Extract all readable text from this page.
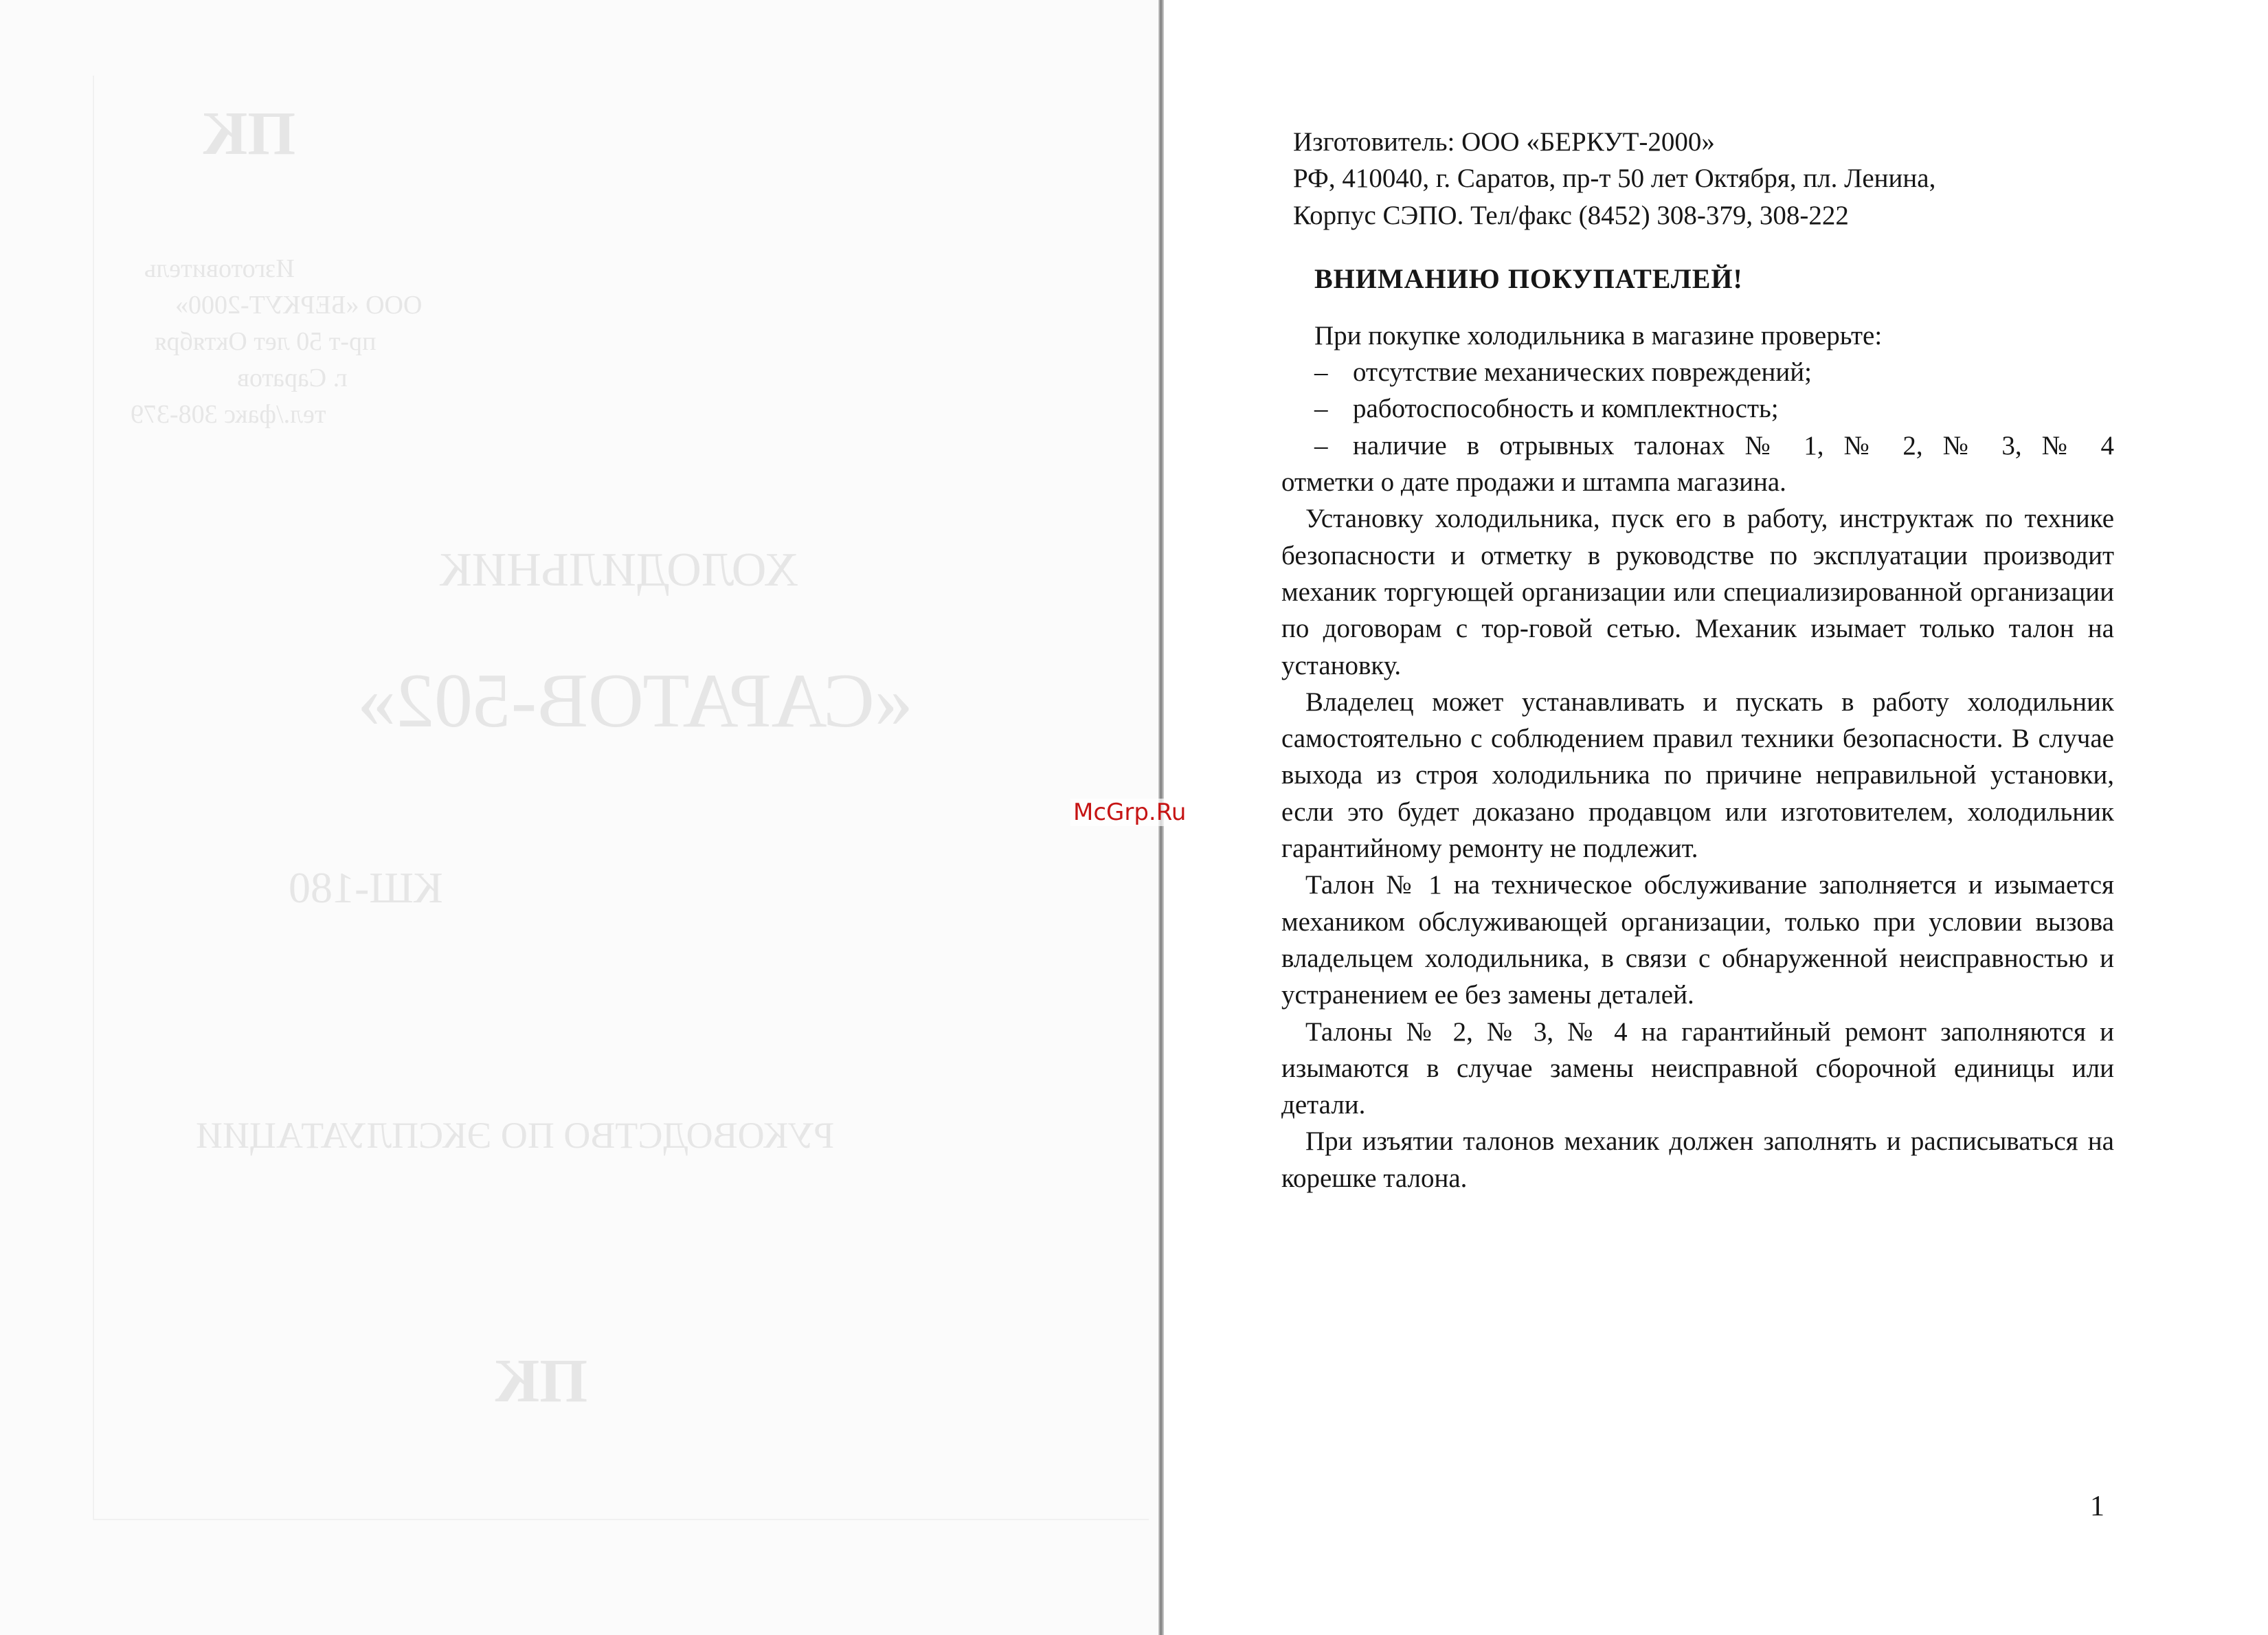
ПК
Изготовитель
ООО «БЕРКУТ-2000»
пр-т 50 лет Октября
г. Саратов
тел./факс 308-379
ХОЛОДИЛЬНИК
«САРАТОВ-502»
КШ-180
РУКОВОДСТВО ПО ЭКСПЛУАТАЦИИ
ПК

Изготовитель: ООО «БЕРКУТ-2000»

РФ, 410040, г. Саратов, пр-т 50 лет Октября, пл. Ленина,

Корпус СЭПО. Тел/факс (8452) 308-379, 308-222

ВНИМАНИЮ ПОКУПАТЕЛЕЙ!

При покупке холодильника в магазине проверьте:

– отсутствие механических повреждений;
– работоспособность и комплектность;
– наличие в отрывных талонах № 1, № 2, № 3, № 4

отметки о дате продажи и штампа магазина.

Установку холодильника, пуск его в работу, инструктаж по технике безопасности и отметку в руководстве по эксплуатации производит механик торгующей организации или специализированной организации по договорам с тор-говой сетью. Механик изымает только талон на установку.

Владелец может устанавливать и пускать в работу холодильник самостоятельно с соблюдением правил техники безопасности. В случае выхода из строя холодильника по причине неправильной установки, если это будет доказано продавцом или изготовителем, холодильник гарантийному ремонту не подлежит.

Талон № 1 на техническое обслуживание заполняется и изымается механиком обслуживающей организации, только при условии вызова владельцем холодильника, в связи с обнаруженной неисправностью и устранением ее без замены деталей.

Талоны № 2, № 3, № 4 на гарантийный ремонт заполняются и изымаются в случае замены неисправной сборочной единицы или детали.

При изъятии талонов механик должен заполнять и расписываться на корешке талона.

1
McGrp.Ru
